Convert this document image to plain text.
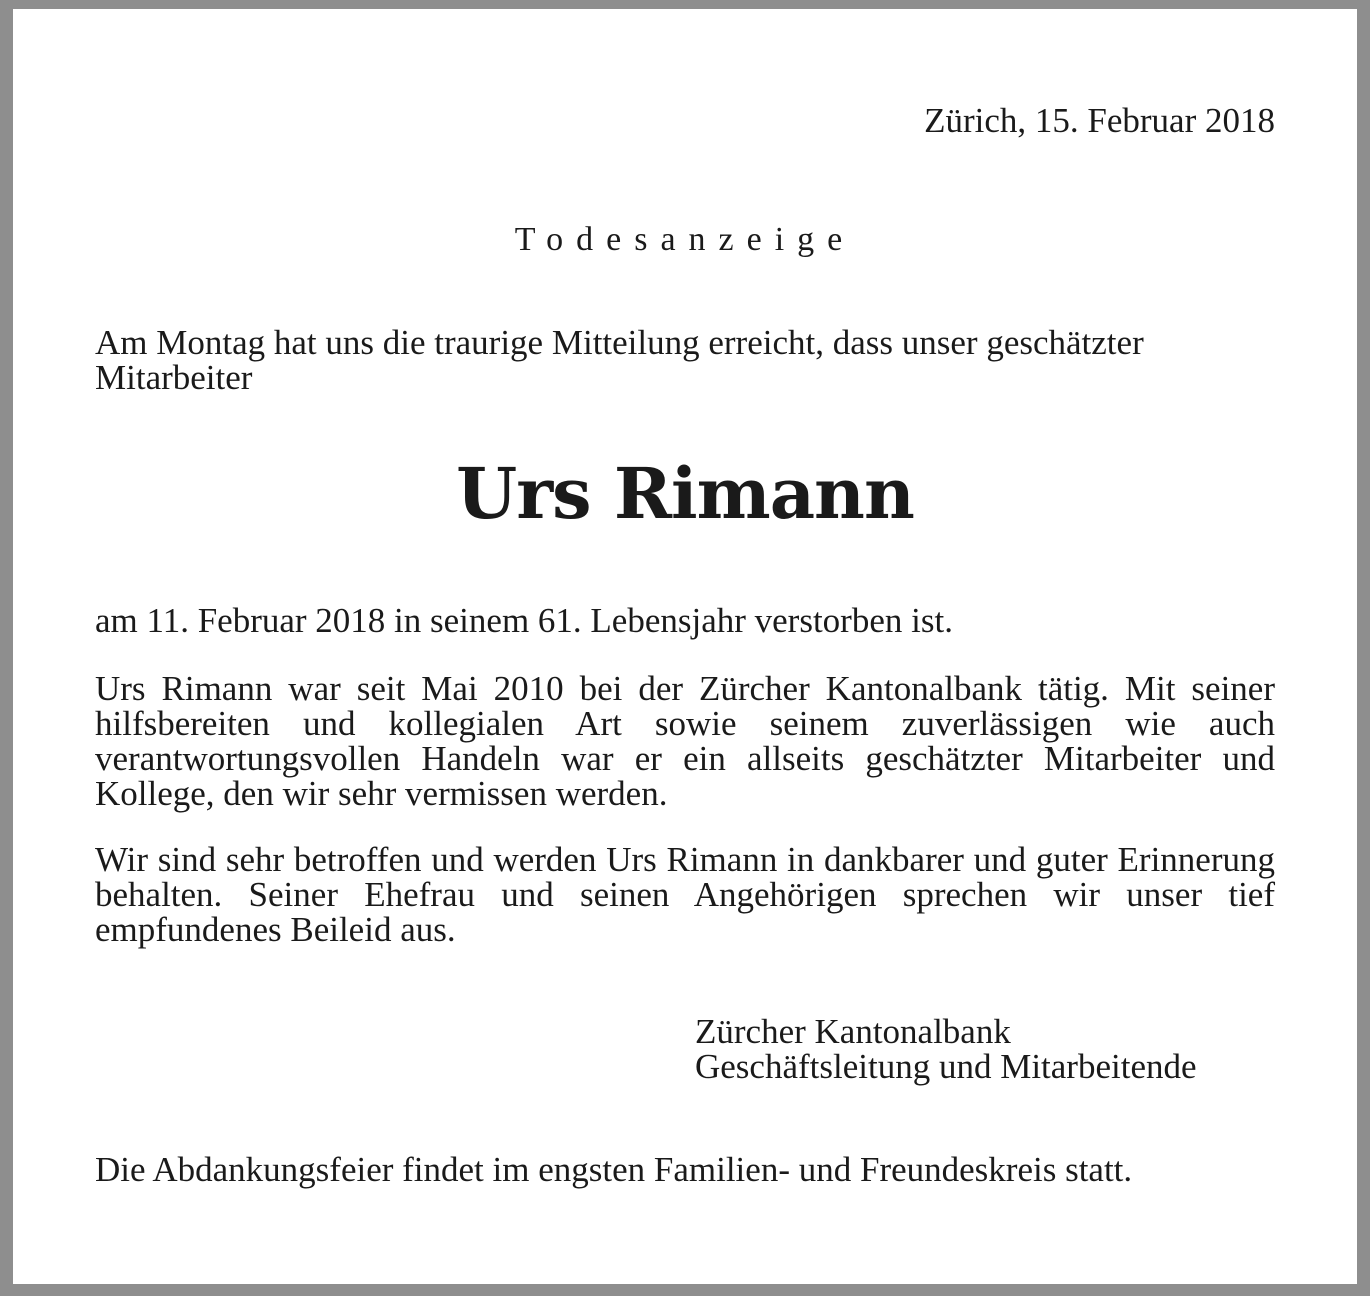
Zürich, 15. Februar 2018

Todesanzeige

Am Montag hat uns die traurige Mitteilung erreicht, dass unser geschätzter Mitarbeiter

Urs Rimann

am 11. Februar 2018 in seinem 61. Lebensjahr verstorben ist.

Urs Rimann war seit Mai 2010 bei der Zürcher Kantonalbank tätig. Mit seiner hilfsbereiten und kollegialen Art sowie seinem zuverlässigen wie auch verantwortungsvollen Handeln war er ein allseits geschätzter Mitarbeiter und Kollege, den wir sehr vermissen werden.

Wir sind sehr betroffen und werden Urs Rimann in dankbarer und guter Erinnerung behalten. Seiner Ehefrau und seinen Angehörigen sprechen wir unser tief empfundenes Beileid aus.

Zürcher Kantonalbank
Geschäftsleitung und Mitarbeitende

Die Abdankungsfeier findet im engsten Familien- und Freundeskreis statt.
